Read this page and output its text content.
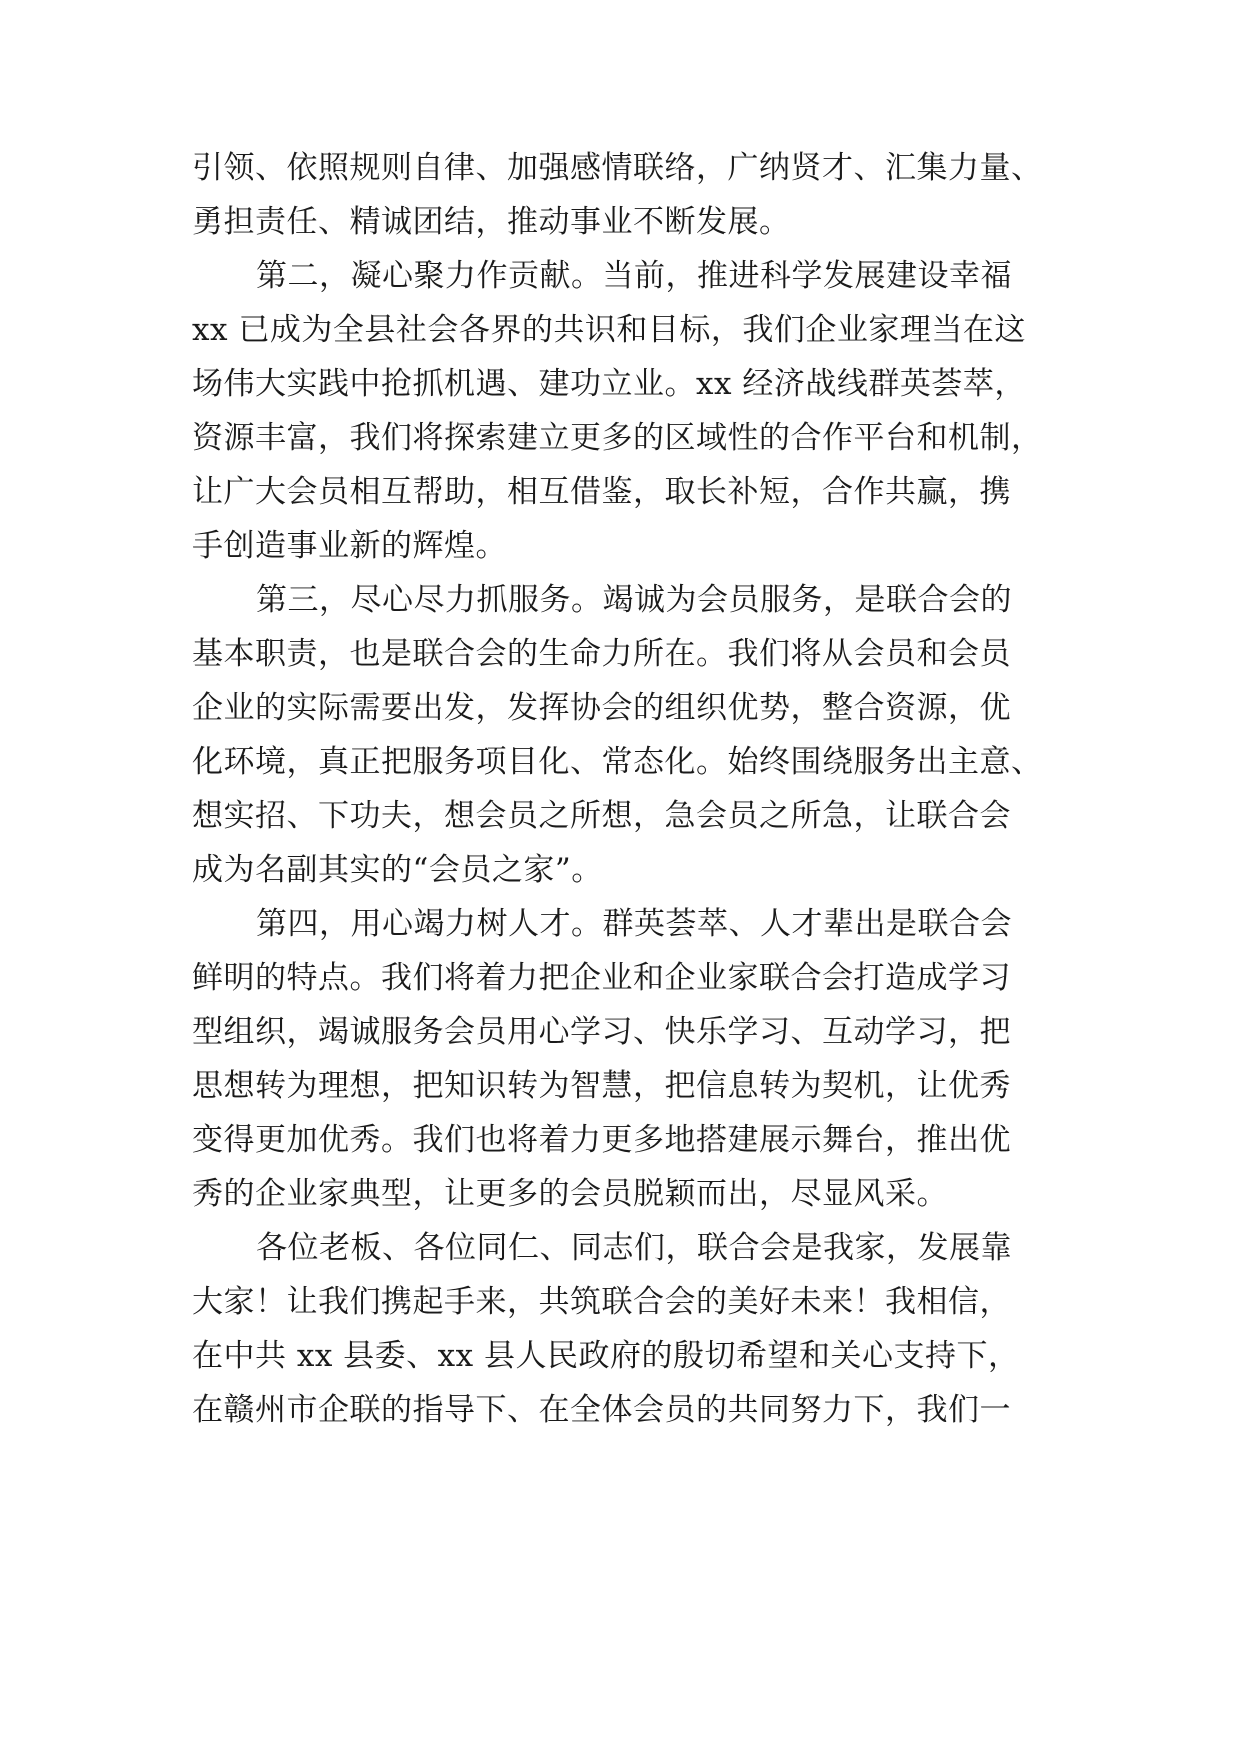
引领、依照规则自律、加强感情联络，广纳贤才、汇集力量、
勇担责任、精诚团结，推动事业不断发展。
第二，凝心聚力作贡献。当前，推进科学发展建设幸福
xx 已成为全县社会各界的共识和目标，我们企业家理当在这
场伟大实践中抢抓机遇、建功立业。xx 经济战线群英荟萃，
资源丰富，我们将探索建立更多的区域性的合作平台和机制，
让广大会员相互帮助，相互借鉴，取长补短，合作共赢，携
手创造事业新的辉煌。
第三，尽心尽力抓服务。竭诚为会员服务，是联合会的
基本职责，也是联合会的生命力所在。我们将从会员和会员
企业的实际需要出发，发挥协会的组织优势，整合资源，优
化环境，真正把服务项目化、常态化。始终围绕服务出主意、
想实招、下功夫，想会员之所想，急会员之所急，让联合会
成为名副其实的“会员之家”。
第四，用心竭力树人才。群英荟萃、人才辈出是联合会
鲜明的特点。我们将着力把企业和企业家联合会打造成学习
型组织，竭诚服务会员用心学习、快乐学习、互动学习，把
思想转为理想，把知识转为智慧，把信息转为契机，让优秀
变得更加优秀。我们也将着力更多地搭建展示舞台，推出优
秀的企业家典型，让更多的会员脱颖而出，尽显风采。
各位老板、各位同仁、同志们，联合会是我家，发展靠
大家！让我们携起手来，共筑联合会的美好未来！我相信，
在中共 xx 县委、xx 县人民政府的殷切希望和关心支持下，
在赣州市企联的指导下、在全体会员的共同努力下，我们一
